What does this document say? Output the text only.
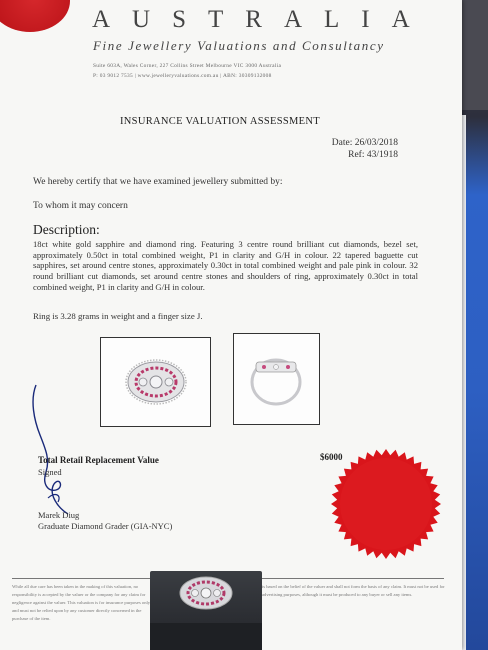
AUSTRALIA
Fine Jewellery Valuations and Consultancy
Suite 603A, Wales Corner, 227 Collins Street Melbourne VIC 3000 Australia
P: 03 9012 7535 | www.jewelleryvaluations.com.au | ABN: 30309132008
INSURANCE VALUATION ASSESSMENT
Date: 26/03/2018
Ref: 43/1918
We hereby certify that we have examined jewellery submitted by:
To whom it may concern
Description:
18ct white gold sapphire and diamond ring. Featuring 3 centre round brilliant cut diamonds, bezel set, approximately 0.50ct in total combined weight, P1 in clarity and G/H in colour. 22 tapered baguette cut sapphires, set around centre stones, approximately 0.30ct in total combined weight and pale pink in colour. 32 round brilliant cut diamonds, set around centre stones and shoulders of ring, approximately 0.30ct in total combined weight, P1 in clarity and G/H in colour.
Ring is 3.28 grams in weight and a finger size J.
Total Retail Replacement Value
Signed
$6000
Marek Diug
Graduate Diamond Grader (GIA-NYC)
While all due care has been taken in the making of this valuation, no responsibility is accepted by the valuer or the company for any claim for negligence against the valuer. This valuation is for insurance purposes only and must not be relied upon by any customer directly concerned in the purchase of the item.
is based on the belief of the valuer and shall not form the basis of any claim. It must not be used for advertising purposes, although it must be produced to any buyer or sell any items.
